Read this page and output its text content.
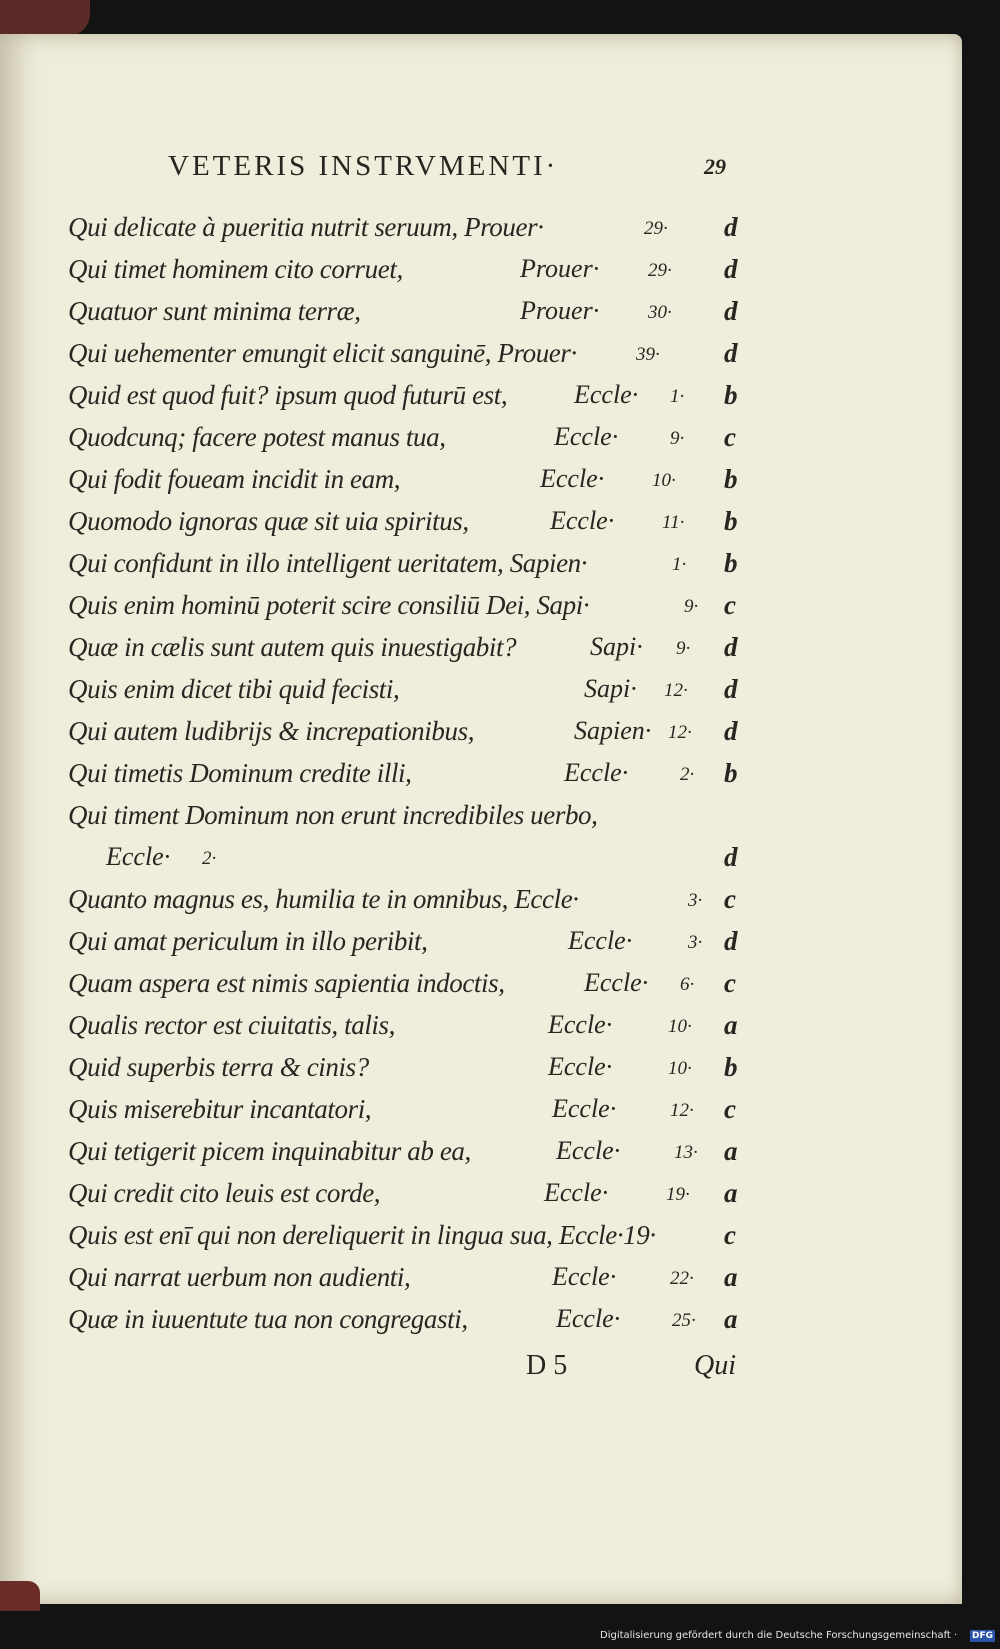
VETERIS INSTRVMENTI·	29
Qui delicate à pueritia nutrit seruum, Prouer·	29· d
Qui timet hominem cito corruet,	Prouer·	29· d
Quatuor sunt minima terræ,	Prouer·	30· d
Qui uehementer emungit elicit sanguinē, Prouer·	39· d
Quid est quod fuit? ipsum quod futurū est,	Eccle· 1· b
Quodcunq; facere potest manus tua,	Eccle·	9· c
Qui fodit foueam incidit in eam,	Eccle·	10· b
Quomodo ignoras quæ sit uia spiritus,	Eccle·	11· b
Qui confidunt in illo intelligent ueritatem, Sapien·	1· b
Quis enim hominū poterit scire consiliū Dei, Sapi·	9· c
Quæ in cælis sunt autem quis inuestigabit?	Sapi· 9· d
Quis enim dicet tibi quid fecisti,	Sapi· 12· d
Qui autem ludibrijs & increpationibus,	Sapien· 12· d
Qui timetis Dominum credite illi,	Eccle·	2· b
Qui timent Dominum non erunt incredibiles uerbo,
Eccle· 2·	d
Quanto magnus es, humilia te in omnibus, Eccle·	3· c
Qui amat periculum in illo peribit,	Eccle·	3· d
Quam aspera est nimis sapientia indoctis,	Eccle· 6· c
Qualis rector est ciuitatis, talis,	Eccle·	10· a
Quid superbis terra & cinis?	Eccle·	10· b
Quis miserebitur incantatori,	Eccle·	12· c
Qui tetigerit picem inquinabitur ab ea,	Eccle·	13· a
Qui credit cito leuis est corde,	Eccle·	19· a
Quis est enī qui non dereliquerit in lingua sua, Eccle·19·	c
Qui narrat uerbum non audienti,	Eccle·	22· a
Quæ in iuuentute tua non congregasti,	Eccle·	25· a
D 5	Qui
Digitalisierung gefördert durch die Deutsche Forschungsgemeinschaft · DFG
